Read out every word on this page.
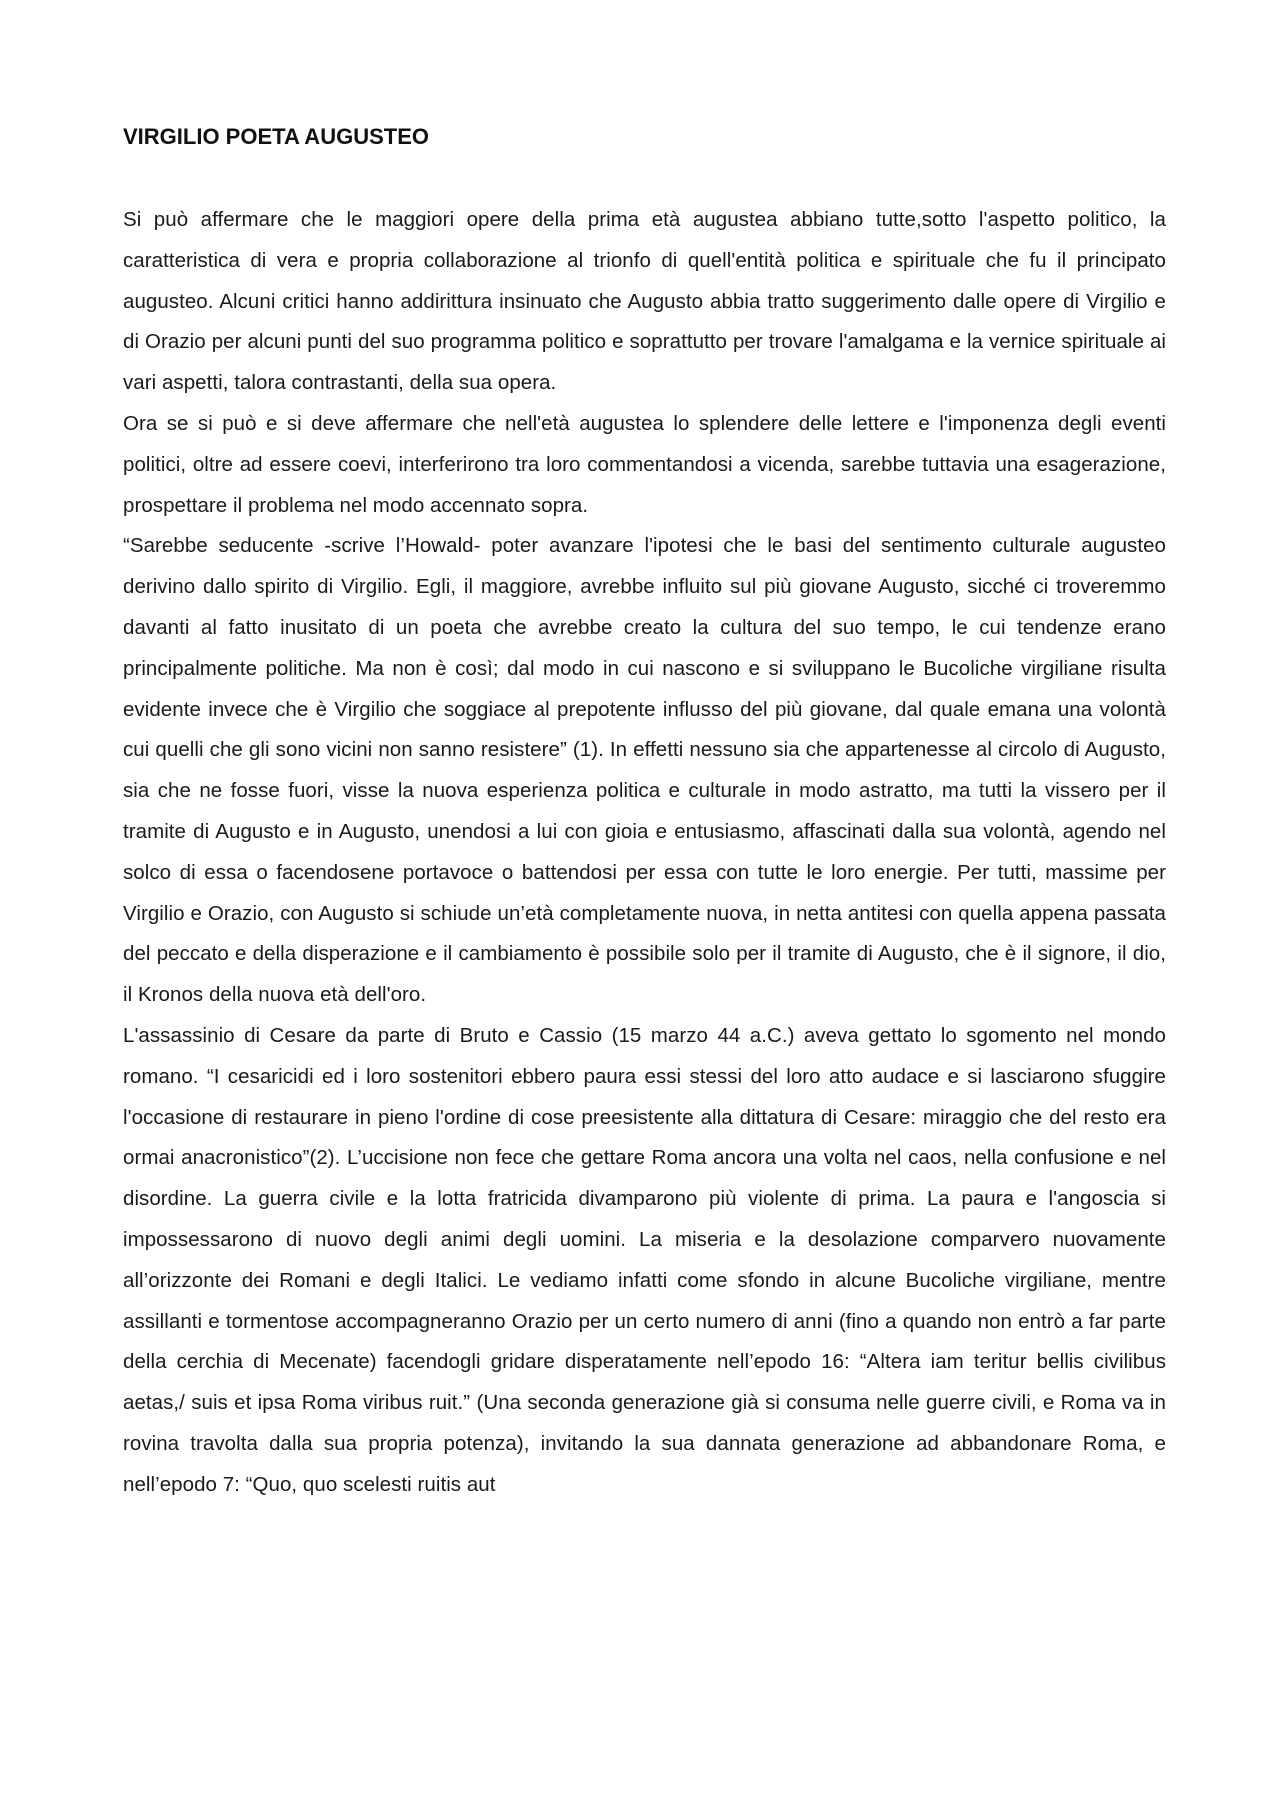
VIRGILIO POETA AUGUSTEO

Si può affermare che le maggiori opere della prima età augustea abbiano tutte,sotto l'aspetto politico, la caratteristica di vera e propria collaborazione al trionfo di quell'entità politica e spirituale che fu il principato augusteo. Alcuni critici hanno addirittura insinuato che Augusto abbia tratto suggerimento dalle opere di Virgilio e di Orazio per alcuni punti del suo programma politico e soprattutto per trovare l'amalgama e la vernice spirituale ai vari aspetti, talora contrastanti, della sua opera.

Ora se si può e si deve affermare che nell'età augustea lo splendere delle lettere e l'imponenza degli eventi politici, oltre ad essere coevi, interferirono tra loro commentandosi a vicenda, sarebbe tuttavia una esagerazione, prospettare il problema nel modo accennato sopra.

“Sarebbe seducente -scrive l’Howald- poter avanzare l'ipotesi che le basi del sentimento culturale augusteo derivino dallo spirito di Virgilio. Egli, il maggiore, avrebbe influito sul più giovane Augusto, sicché ci troveremmo davanti al fatto inusitato di un poeta che avrebbe creato la cultura del suo tempo, le cui tendenze erano principalmente politiche. Ma non è così; dal modo in cui nascono e si sviluppano le Bucoliche virgiliane risulta evidente invece che è Virgilio che soggiace al prepotente influsso del più giovane, dal quale emana una volontà cui quelli che gli sono vicini non sanno resistere” (1). In effetti nessuno sia che appartenesse al circolo di Augusto, sia che ne fosse fuori, visse la nuova esperienza politica e culturale in modo astratto, ma tutti la vissero per il tramite di Augusto e in Augusto, unendosi a lui con gioia e entusiasmo, affascinati dalla sua volontà, agendo nel solco di essa o facendosene portavoce o battendosi per essa con tutte le loro energie. Per tutti, massime per Virgilio e Orazio, con Augusto si schiude un’età completamente nuova, in netta antitesi con quella appena passata del peccato e della disperazione e il cambiamento è possibile solo per il tramite di Augusto, che è il signore, il dio, il Kronos della nuova età dell'oro.

L'assassinio di Cesare da parte di Bruto e Cassio (15 marzo 44 a.C.) aveva gettato lo sgomento nel mondo romano. “I cesaricidi ed i loro sostenitori ebbero paura essi stessi del loro atto audace e si lasciarono sfuggire l'occasione di restaurare in pieno l'ordine di cose preesistente alla dittatura di Cesare: miraggio che del resto era ormai anacronistico”(2). L’uccisione non fece che gettare Roma ancora una volta nel caos, nella confusione e nel disordine. La guerra civile e la lotta fratricida divamparono più violente di prima. La paura e l'angoscia si impossessarono di nuovo degli animi degli uomini. La miseria e la desolazione comparvero nuovamente all’orizzonte dei Romani e degli Italici. Le vediamo infatti come sfondo in alcune Bucoliche virgiliane, mentre assillanti e tormentose accompagneranno Orazio per un certo numero di anni (fino a quando non entrò a far parte della cerchia di Mecenate) facendogli gridare disperatamente nell’epodo 16: “Altera iam teritur bellis civilibus aetas,/ suis et ipsa Roma viribus ruit.” (Una seconda generazione già si consuma nelle guerre civili, e Roma va in rovina travolta dalla sua propria potenza), invitando la sua dannata generazione ad abbandonare Roma, e nell’epodo 7: “Quo, quo scelesti ruitis aut
